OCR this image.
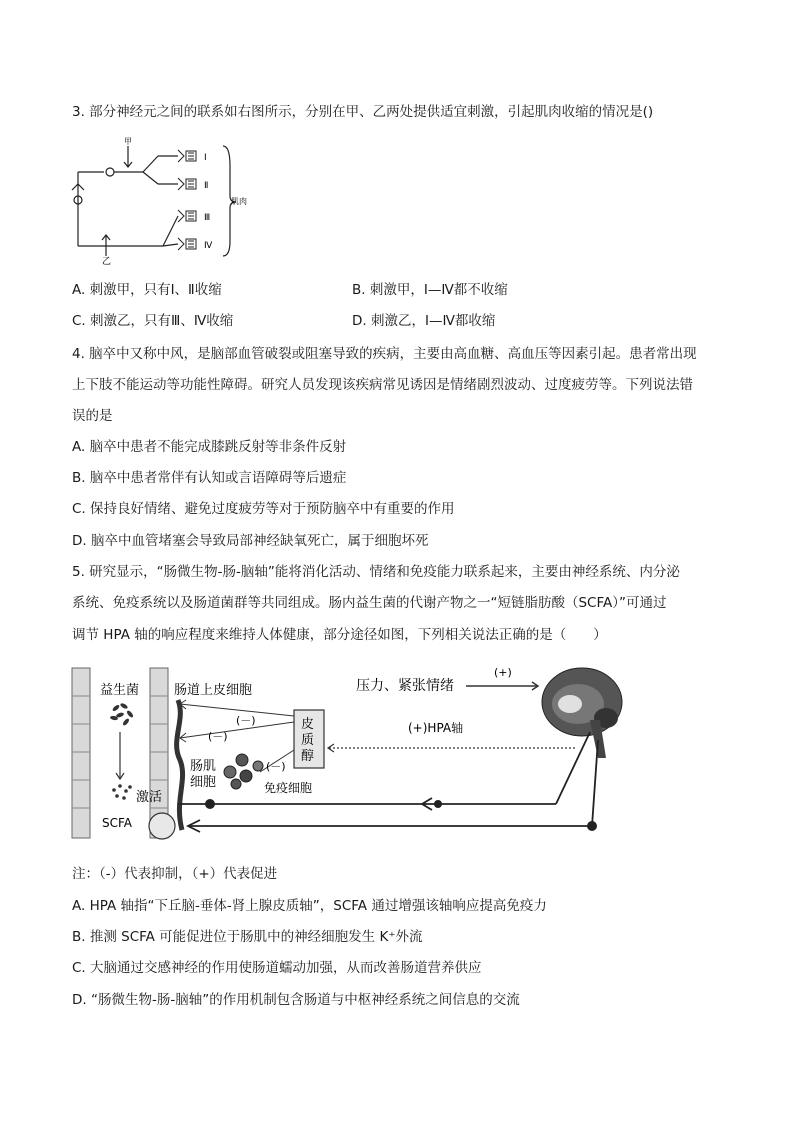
3. 部分神经元之间的联系如右图所示，分别在甲、乙两处提供适宜刺激，引起肌肉收缩的情况是()
甲
乙
Ⅰ
Ⅱ
Ⅲ
Ⅳ
肌肉
A. 刺激甲，只有Ⅰ、Ⅱ收缩	B. 刺激甲，Ⅰ—Ⅳ都不收缩
C. 刺激乙，只有Ⅲ、Ⅳ收缩	D. 刺激乙，Ⅰ—Ⅳ都收缩
4. 脑卒中又称中风，是脑部血管破裂或阻塞导致的疾病，主要由高血糖、高血压等因素引起。患者常出现
上下肢不能运动等功能性障碍。研究人员发现该疾病常见诱因是情绪剧烈波动、过度疲劳等。下列说法错
误的是
A. 脑卒中患者不能完成膝跳反射等非条件反射
B. 脑卒中患者常伴有认知或言语障碍等后遗症
C. 保持良好情绪、避免过度疲劳等对于预防脑卒中有重要的作用
D. 脑卒中血管堵塞会导致局部神经缺氧死亡，属于细胞坏死
5. 研究显示，“肠微生物-肠-脑轴”能将消化活动、情绪和免疫能力联系起来，主要由神经系统、内分泌
系统、免疫系统以及肠道菌群等共同组成。肠内益生菌的代谢产物之一“短链脂肪酸（SCFA）”可通过
调节 HPA 轴的响应程度来维持人体健康，部分途径如图，下列相关说法正确的是（　　）
益生菌	肠道上皮细胞	压力、紧张情绪
(+)
(－)
(－)
(－)
(+)HPA轴
皮
质
醇
肠肌
细胞	免疫细胞
激活
SCFA
注：（-）代表抑制，（+）代表促进
A. HPA 轴指“下丘脑-垂体-肾上腺皮质轴”，SCFA 通过增强该轴响应提高免疫力
B. 推测 SCFA 可能促进位于肠肌中的神经细胞发生 K⁺外流
C. 大脑通过交感神经的作用使肠道蠕动加强，从而改善肠道营养供应
D. “肠微生物-肠-脑轴”的作用机制包含肠道与中枢神经系统之间信息的交流
